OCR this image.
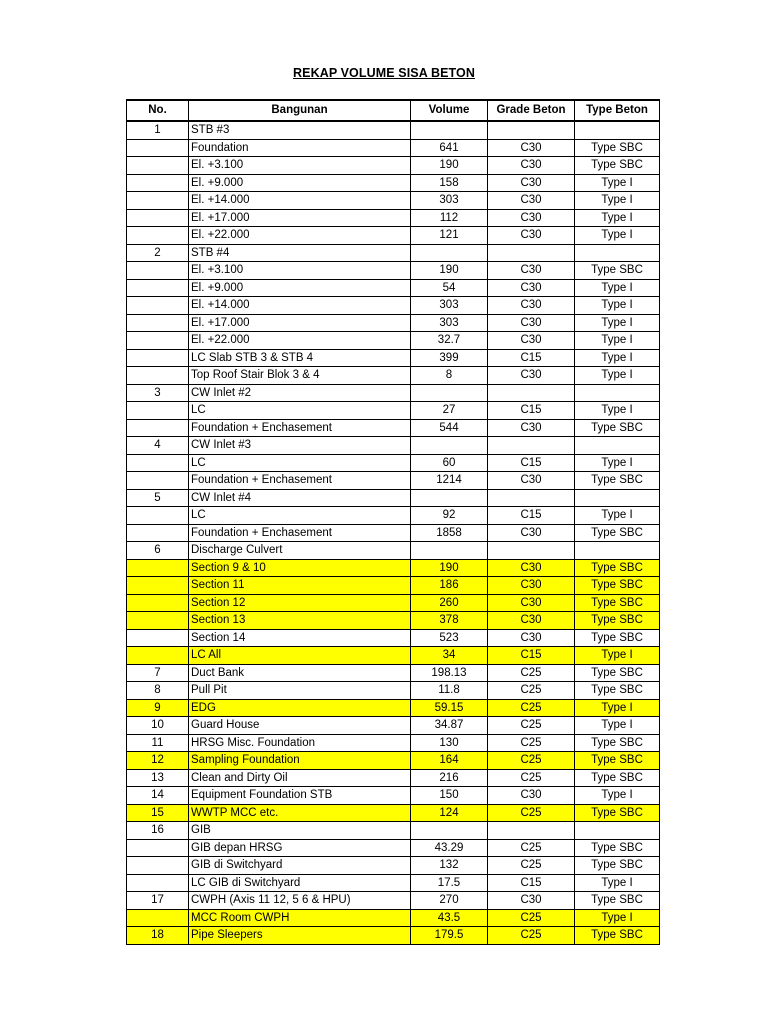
REKAP VOLUME SISA BETON
No.	Bangunan	Volume	Grade Beton	Type Beton
1	STB #3			
	Foundation	641	C30	Type SBC
	El. +3.100	190	C30	Type SBC
	El. +9.000	158	C30	Type I
	El. +14.000	303	C30	Type I
	El. +17.000	112	C30	Type I
	El. +22.000	121	C30	Type I
2	STB #4			
	El. +3.100	190	C30	Type SBC
	El. +9.000	54	C30	Type I
	El. +14.000	303	C30	Type I
	El. +17.000	303	C30	Type I
	El. +22.000	32.7	C30	Type I
	LC Slab STB 3 & STB 4	399	C15	Type I
	Top Roof Stair Blok 3 & 4	8	C30	Type I
3	CW Inlet #2			
	LC	27	C15	Type I
	Foundation + Enchasement	544	C30	Type SBC
4	CW Inlet #3			
	LC	60	C15	Type I
	Foundation + Enchasement	1214	C30	Type SBC
5	CW Inlet #4			
	LC	92	C15	Type I
	Foundation + Enchasement	1858	C30	Type SBC
6	Discharge Culvert			
	Section 9 & 10	190	C30	Type SBC
	Section 11	186	C30	Type SBC
	Section 12	260	C30	Type SBC
	Section 13	378	C30	Type SBC
	Section 14	523	C30	Type SBC
	LC All	34	C15	Type I
7	Duct Bank	198.13	C25	Type SBC
8	Pull Pit	11.8	C25	Type SBC
9	EDG	59.15	C25	Type I
10	Guard House	34.87	C25	Type I
11	HRSG Misc. Foundation	130	C25	Type SBC
12	Sampling Foundation	164	C25	Type SBC
13	Clean and Dirty Oil	216	C25	Type SBC
14	Equipment Foundation STB	150	C30	Type I
15	WWTP MCC etc.	124	C25	Type SBC
16	GIB			
	GIB depan HRSG	43.29	C25	Type SBC
	GIB di Switchyard	132	C25	Type SBC
	LC GIB di Switchyard	17.5	C15	Type I
17	CWPH (Axis 11 12, 5 6 & HPU)	270	C30	Type SBC
	MCC Room CWPH	43.5	C25	Type I
18	Pipe Sleepers	179.5	C25	Type SBC
